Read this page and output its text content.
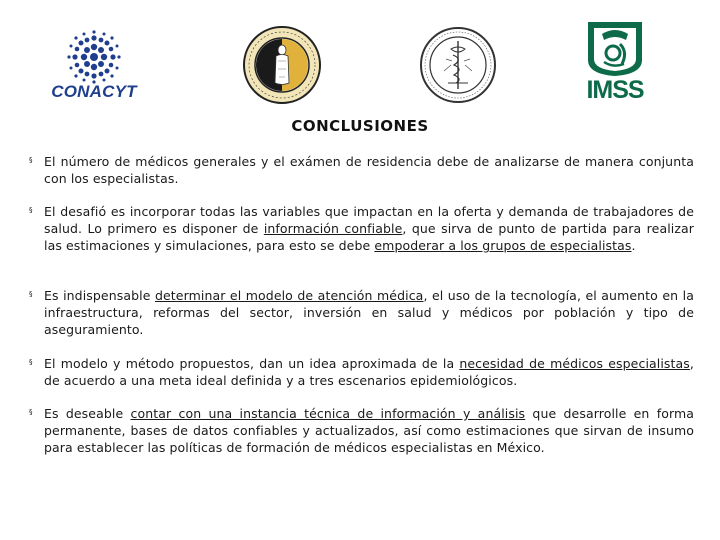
CONACYT	IMSS
CONCLUSIONES
§ El número de médicos generales y el exámen de residencia debe de analizarse de manera conjunta con los especialistas.
§ El desafió es incorporar todas las variables que impactan en la oferta y demanda de trabajadores de salud. Lo primero es disponer de información confiable, que sirva de punto de partida para realizar las estimaciones y simulaciones, para esto se debe empoderar a los grupos de especialistas.
§ Es indispensable determinar el modelo de atención médica, el uso de la tecnología, el aumento en la infraestructura, reformas del sector, inversión en salud y médicos por población y tipo de aseguramiento.
§ El modelo y método propuestos, dan un idea aproximada de la necesidad de médicos especialistas, de acuerdo a una meta ideal definida y a tres escenarios epidemiológicos.
§ Es deseable contar con una instancia técnica de información y análisis que desarrolle en forma permanente, bases de datos confiables y actualizados, así como estimaciones que sirvan de insumo para establecer las políticas de formación de médicos especialistas en México.
